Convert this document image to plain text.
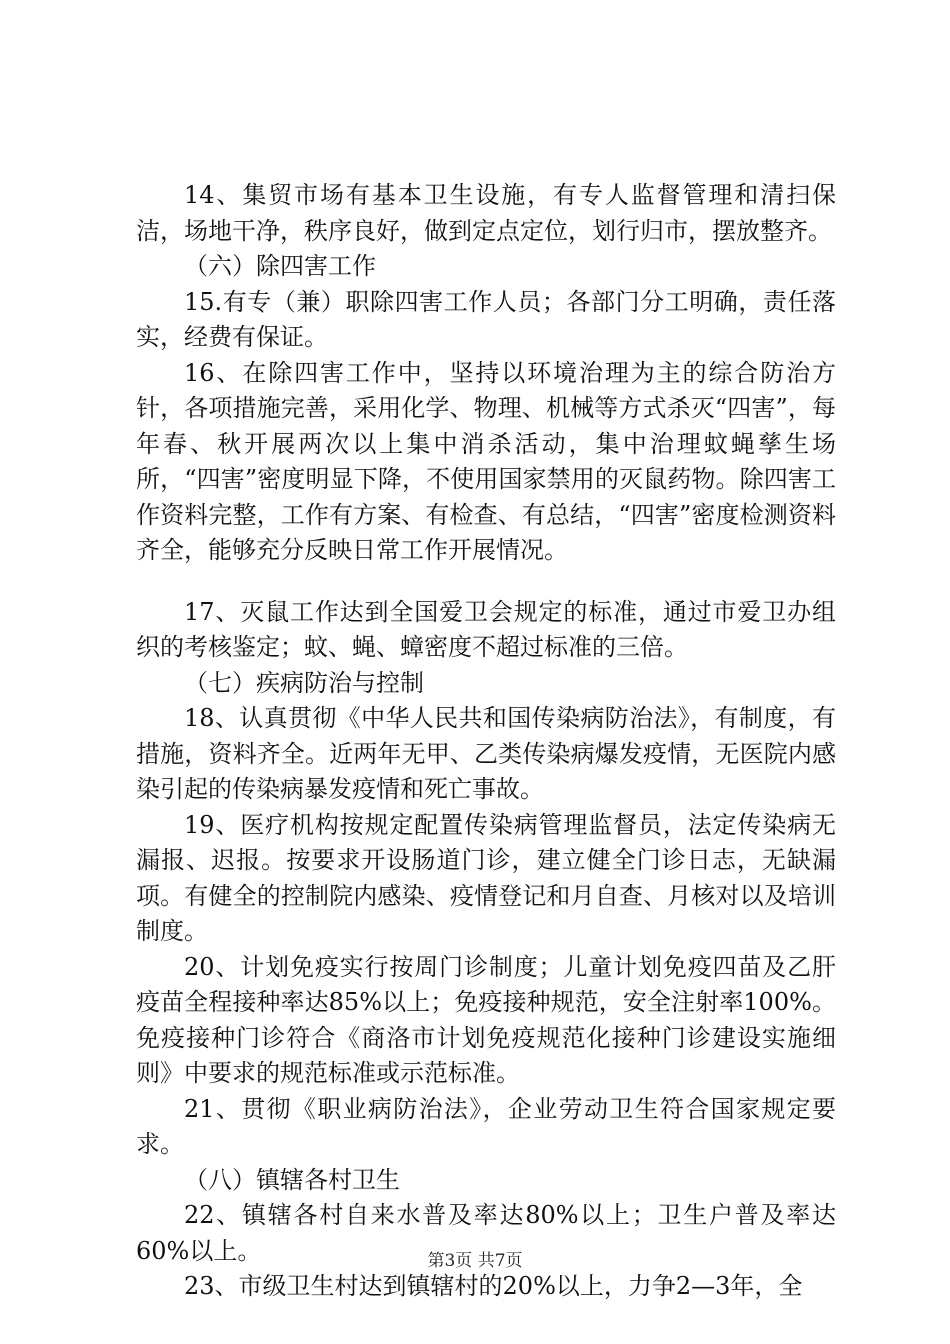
14、集贸市场有基本卫生设施，有专人监督管理和清扫保洁，场地干净，秩序良好，做到定点定位，划行归市，摆放整齐。

（六）除四害工作

15.有专（兼）职除四害工作人员；各部门分工明确，责任落实，经费有保证。

16、在除四害工作中，坚持以环境治理为主的综合防治方针，各项措施完善，采用化学、物理、机械等方式杀灭“四害”，每年春、秋开展两次以上集中消杀活动，集中治理蚊蝇孳生场所，“四害”密度明显下降，不使用国家禁用的灭鼠药物。除四害工作资料完整，工作有方案、有检查、有总结，“四害”密度检测资料齐全，能够充分反映日常工作开展情况。

17、灭鼠工作达到全国爱卫会规定的标准，通过市爱卫办组织的考核鉴定；蚊、蝇、蟑密度不超过标准的三倍。

（七）疾病防治与控制

18、认真贯彻《中华人民共和国传染病防治法》，有制度，有措施，资料齐全。近两年无甲、乙类传染病爆发疫情，无医院内感染引起的传染病暴发疫情和死亡事故。

19、医疗机构按规定配置传染病管理监督员，法定传染病无漏报、迟报。按要求开设肠道门诊，建立健全门诊日志，无缺漏项。有健全的控制院内感染、疫情登记和月自查、月核对以及培训制度。

20、计划免疫实行按周门诊制度；儿童计划免疫四苗及乙肝疫苗全程接种率达85%以上；免疫接种规范，安全注射率100%。免疫接种门诊符合《商洛市计划免疫规范化接种门诊建设实施细则》中要求的规范标准或示范标准。

21、贯彻《职业病防治法》，企业劳动卫生符合国家规定要求。

（八）镇辖各村卫生

22、镇辖各村自来水普及率达80%以上；卫生户普及率达60%以上。

23、市级卫生村达到镇辖村的20%以上，力争2—3年，全

第3页 共7页
